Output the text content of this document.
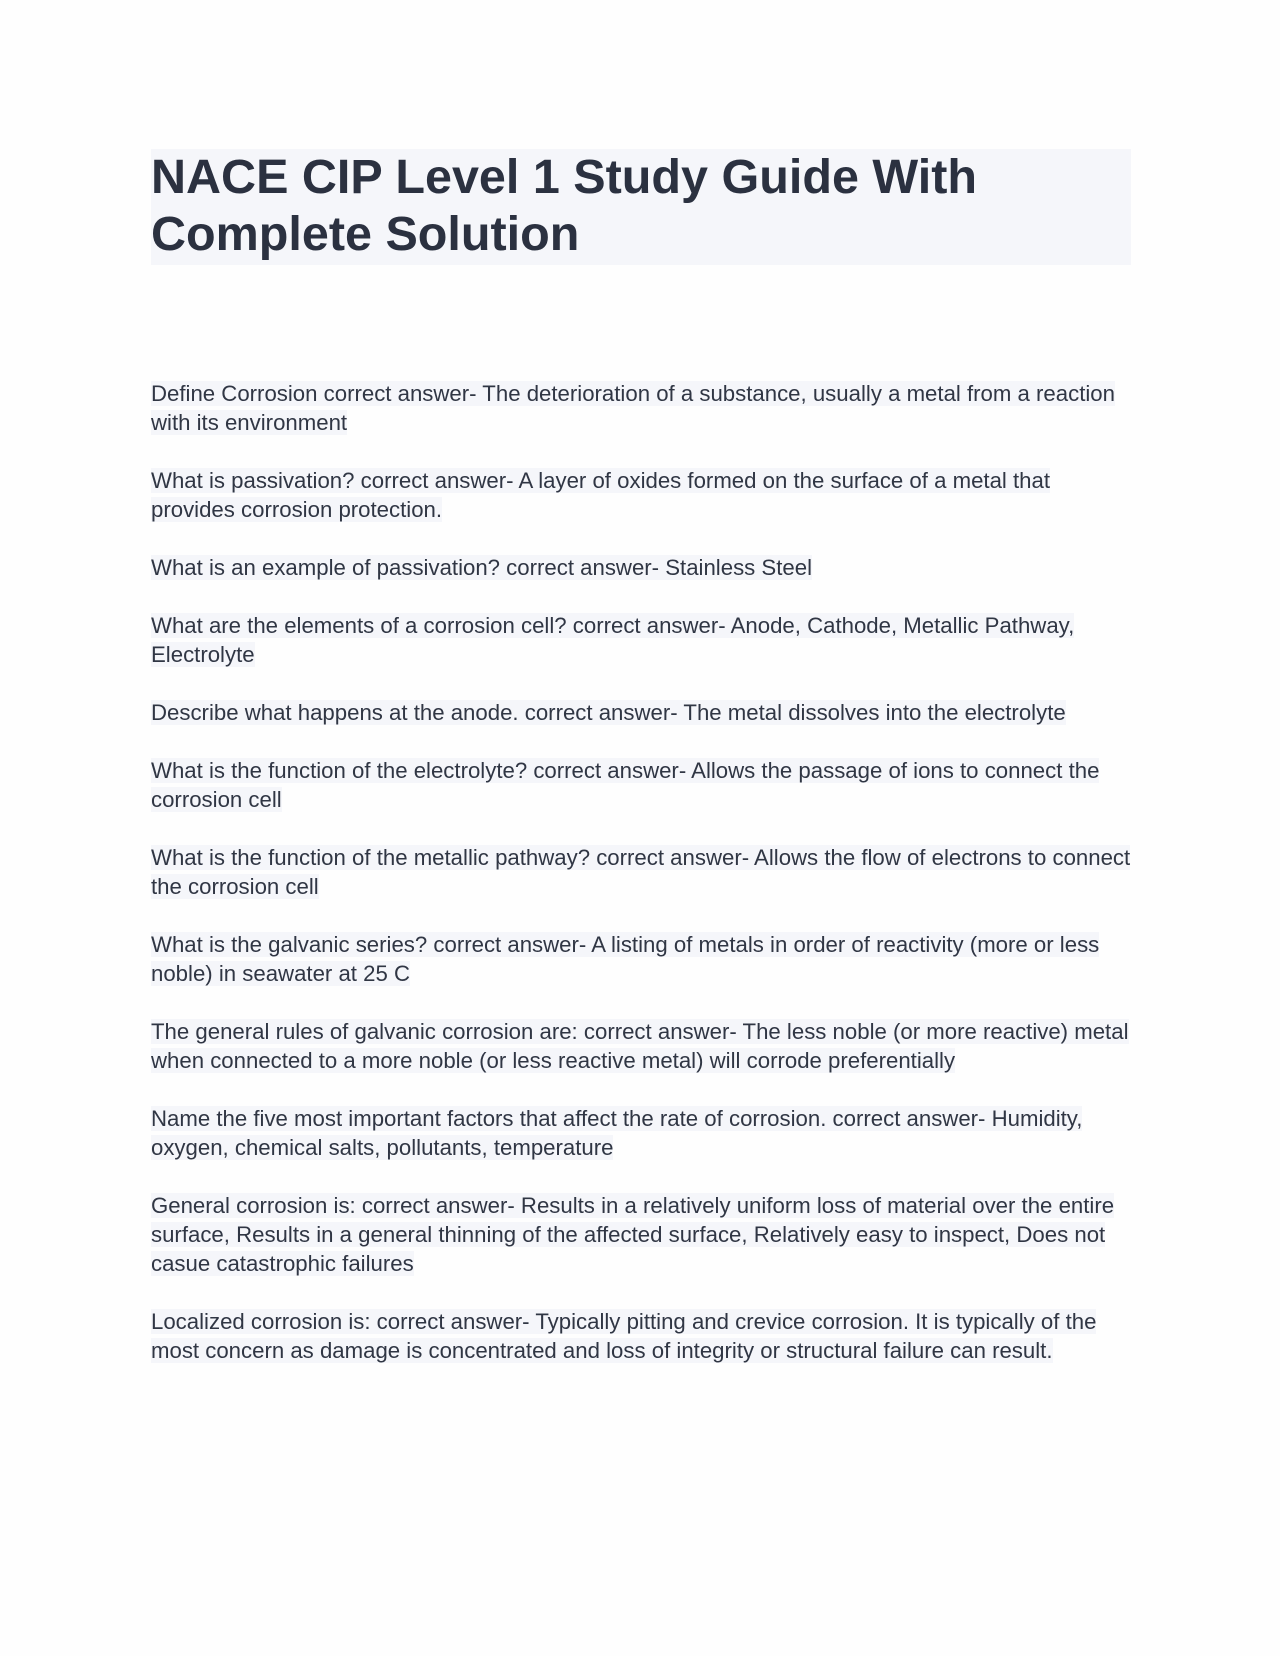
NACE CIP Level 1 Study Guide With Complete Solution

Define Corrosion correct answer- The deterioration of a substance, usually a metal from a reaction with its environment

What is passivation? correct answer- A layer of oxides formed on the surface of a metal that provides corrosion protection.

What is an example of passivation? correct answer- Stainless Steel

What are the elements of a corrosion cell? correct answer- Anode, Cathode, Metallic Pathway, Electrolyte

Describe what happens at the anode. correct answer- The metal dissolves into the electrolyte

What is the function of the electrolyte? correct answer- Allows the passage of ions to connect the corrosion cell

What is the function of the metallic pathway? correct answer- Allows the flow of electrons to connect the corrosion cell

What is the galvanic series? correct answer- A listing of metals in order of reactivity (more or less noble) in seawater at 25 C

The general rules of galvanic corrosion are: correct answer- The less noble (or more reactive) metal when connected to a more noble (or less reactive metal) will corrode preferentially

Name the five most important factors that affect the rate of corrosion. correct answer- Humidity, oxygen, chemical salts, pollutants, temperature

General corrosion is: correct answer- Results in a relatively uniform loss of material over the entire surface, Results in a general thinning of the affected surface, Relatively easy to inspect, Does not casue catastrophic failures

Localized corrosion is: correct answer- Typically pitting and crevice corrosion. It is typically of the most concern as damage is concentrated and loss of integrity or structural failure can result.
